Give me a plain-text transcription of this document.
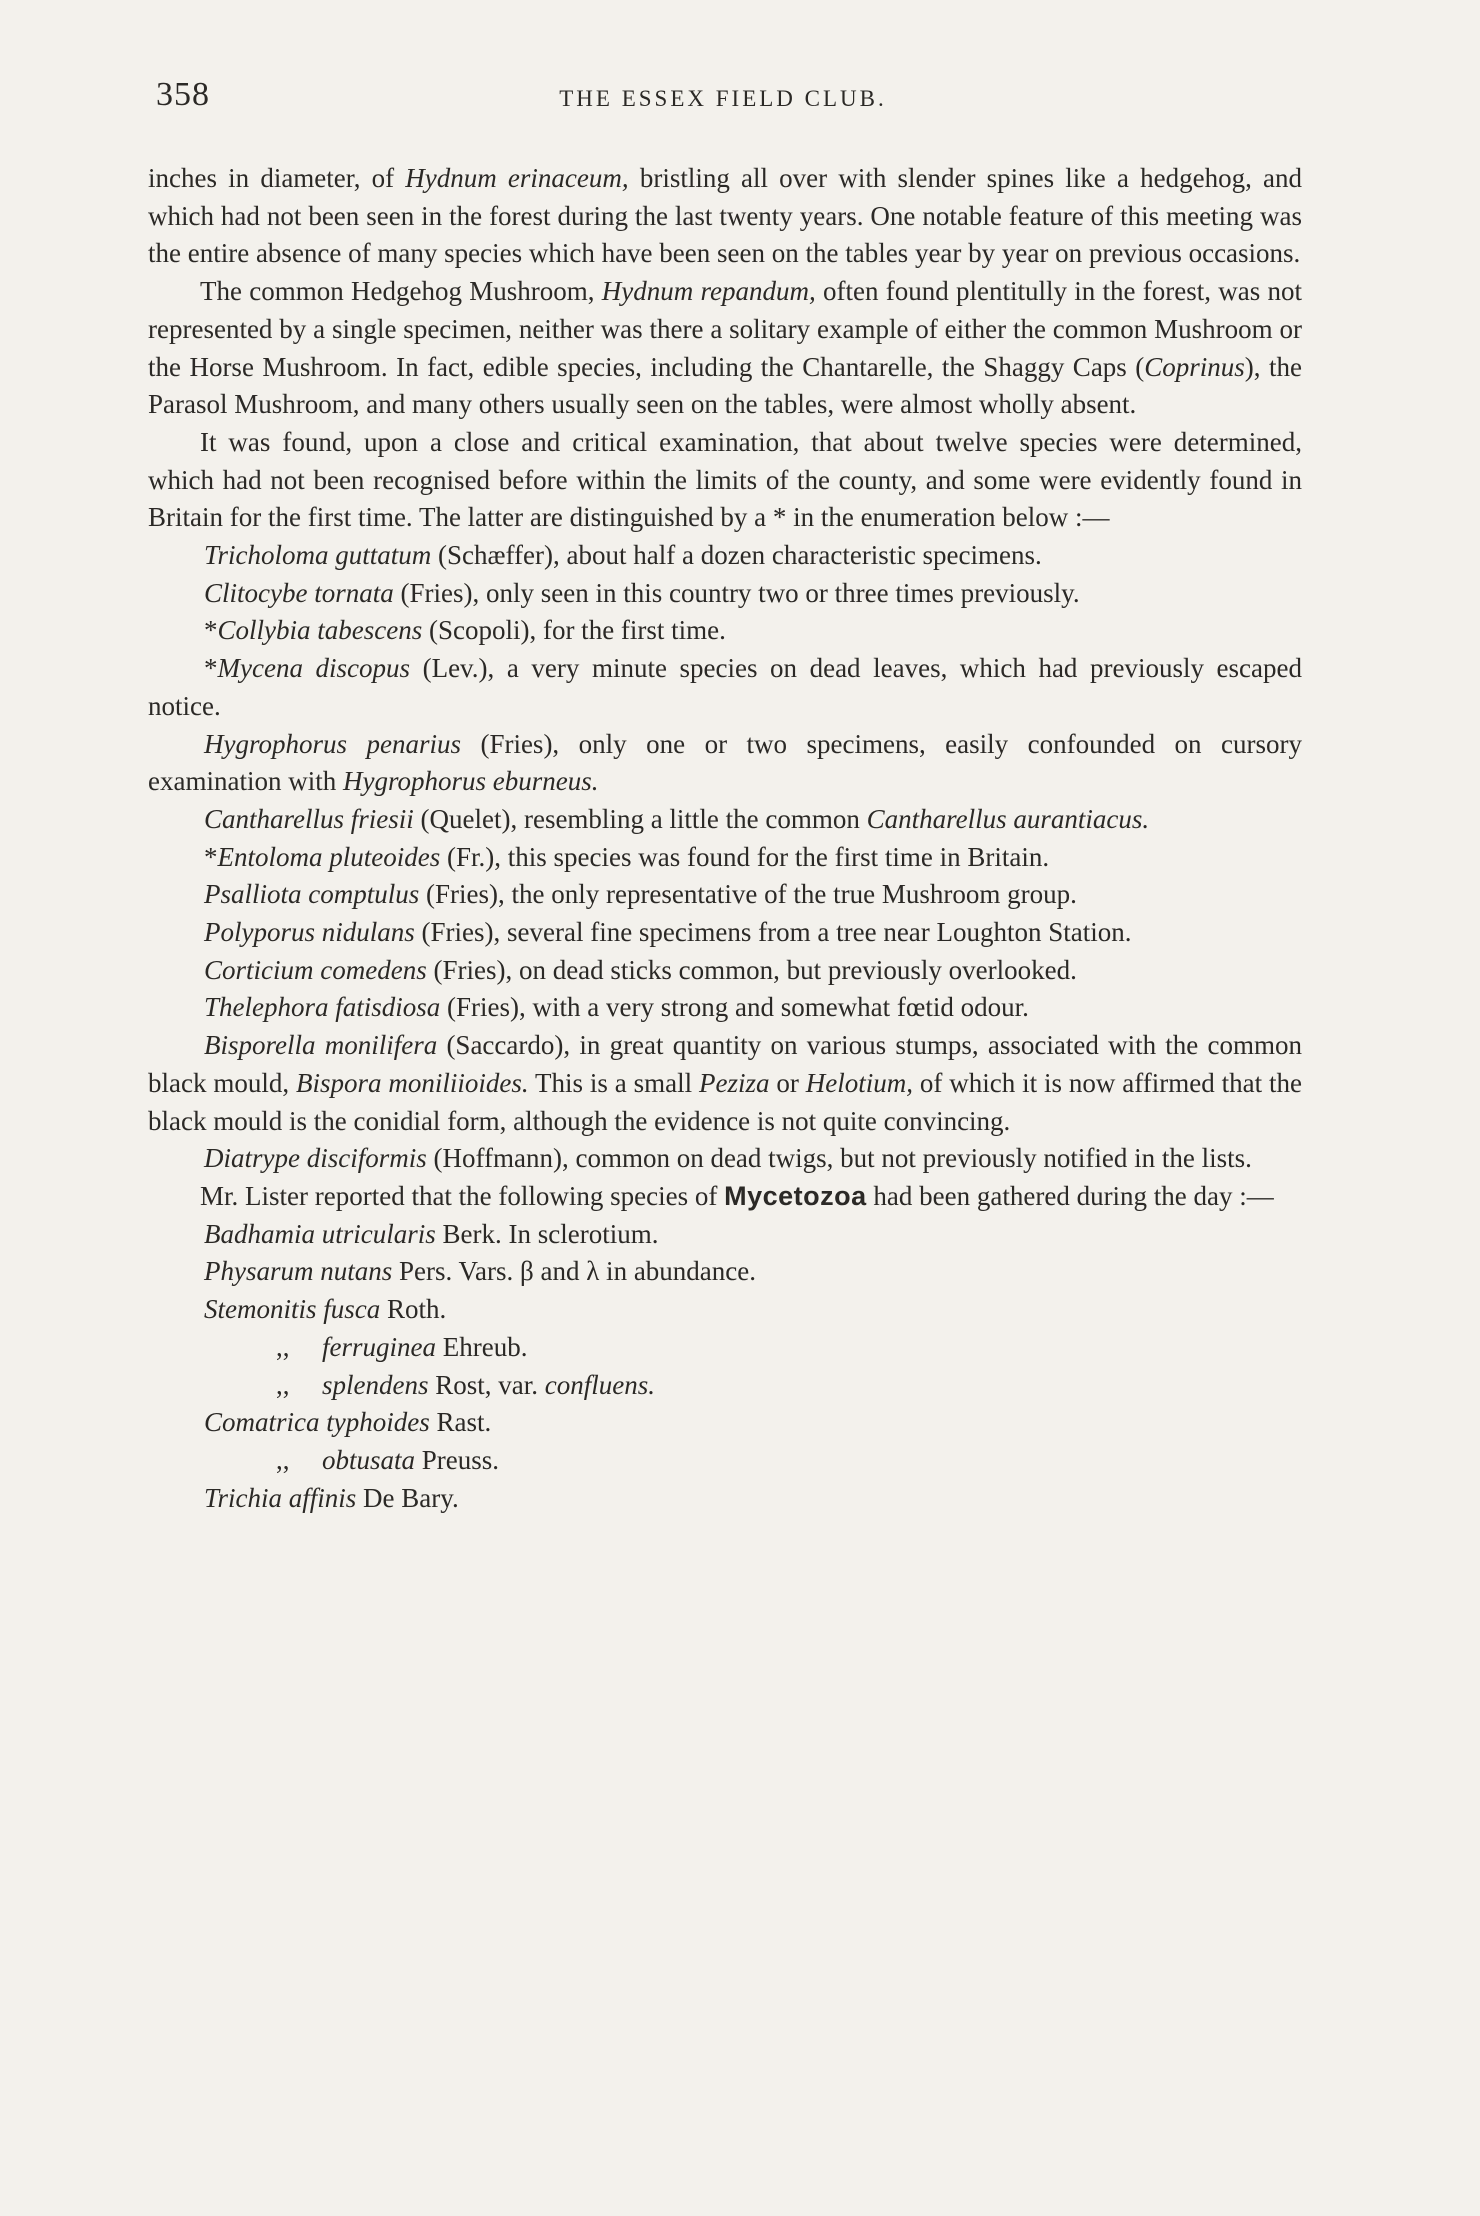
358	THE ESSEX FIELD CLUB.

inches in diameter, of Hydnum erinaceum, bristling all over with slender spines like a hedgehog, and which had not been seen in the forest during the last twenty years. One notable feature of this meeting was the entire absence of many species which have been seen on the tables year by year on previous occasions.

The common Hedgehog Mushroom, Hydnum repandum, often found plentitully in the forest, was not represented by a single specimen, neither was there a solitary example of either the common Mushroom or the Horse Mushroom. In fact, edible species, including the Chantarelle, the Shaggy Caps (Coprinus), the Parasol Mushroom, and many others usually seen on the tables, were almost wholly absent.

It was found, upon a close and critical examination, that about twelve species were determined, which had not been recognised before within the limits of the county, and some were evidently found in Britain for the first time. The latter are distinguished by a * in the enumeration below :—

Tricholoma guttatum (Schæffer), about half a dozen characteristic specimens.

Clitocybe tornata (Fries), only seen in this country two or three times previously.

*Collybia tabescens (Scopoli), for the first time.

*Mycena discopus (Lev.), a very minute species on dead leaves, which had previously escaped notice.

Hygrophorus penarius (Fries), only one or two specimens, easily confounded on cursory examination with Hygrophorus eburneus.

Cantharellus friesii (Quelet), resembling a little the common Cantharellus aurantiacus.

*Entoloma pluteoides (Fr.), this species was found for the first time in Britain.

Psalliota comptulus (Fries), the only representative of the true Mushroom group.

Polyporus nidulans (Fries), several fine specimens from a tree near Loughton Station.

Corticium comedens (Fries), on dead sticks common, but previously overlooked.

Thelephora fatisdiosa (Fries), with a very strong and somewhat fœtid odour.

Bisporella monilifera (Saccardo), in great quantity on various stumps, associated with the common black mould, Bispora moniliioides. This is a small Peziza or Helotium, of which it is now affirmed that the black mould is the conidial form, although the evidence is not quite convincing.

Diatrype disciformis (Hoffmann), common on dead twigs, but not previously notified in the lists.

Mr. Lister reported that the following species of Mycetozoa had been gathered during the day :—

Badhamia utricularis Berk. In sclerotium.
Physarum nutans Pers. Vars. β and λ in abundance.
Stemonitis fusca Roth.
,, ferruginea Ehreub.
,, splendens Rost, var. confluens.
Comatrica typhoides Rast.
,, obtusata Preuss.
Trichia affinis De Bary.
